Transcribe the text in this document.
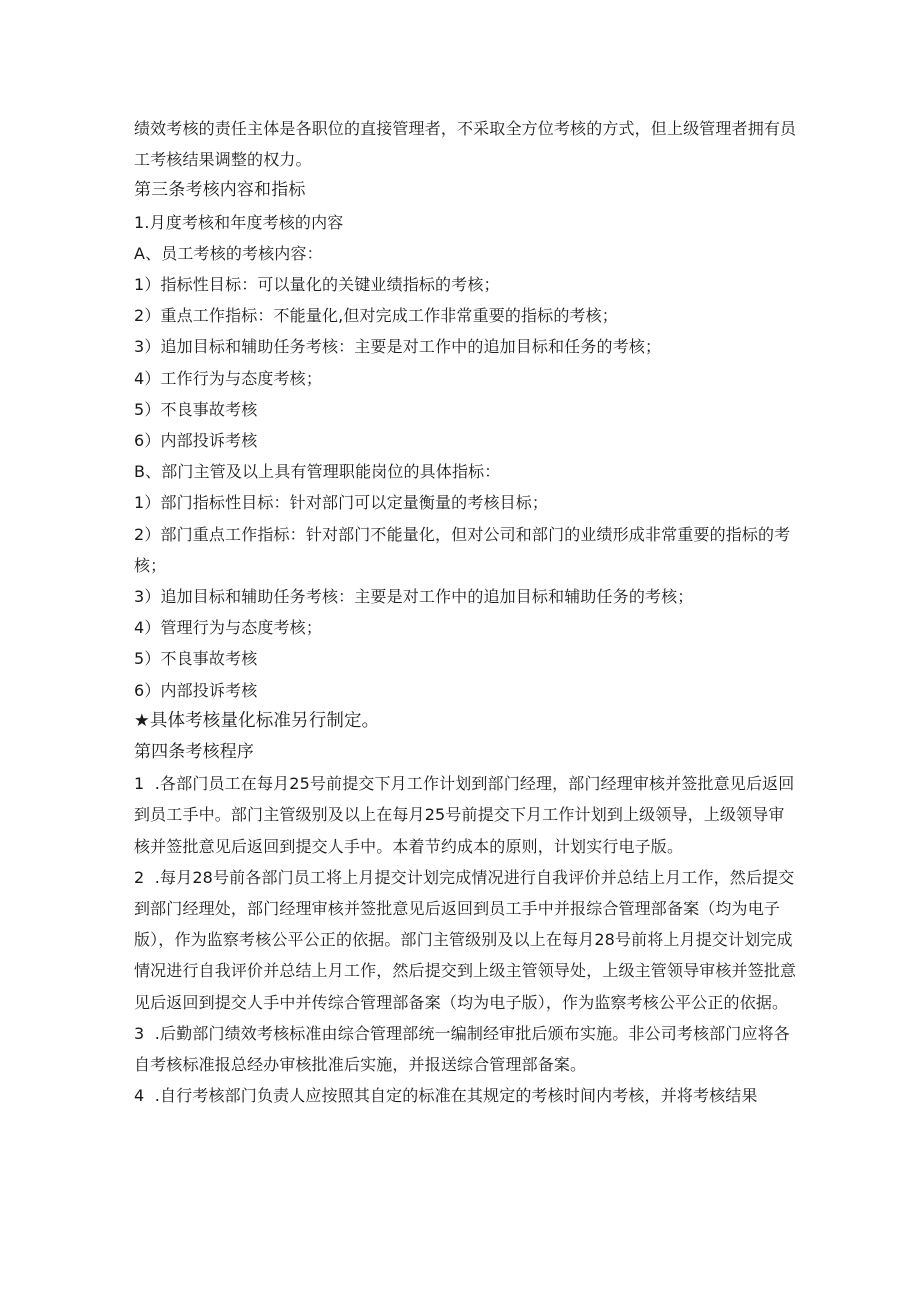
绩效考核的责任主体是各职位的直接管理者，不采取全方位考核的方式，但上级管理者拥有员工考核结果调整的权力。

第三条考核内容和指标

1.月度考核和年度考核的内容

A、员工考核的考核内容：

1）指标性目标：可以量化的关键业绩指标的考核；

2）重点工作指标：不能量化,但对完成工作非常重要的指标的考核；

3）追加目标和辅助任务考核：主要是对工作中的追加目标和任务的考核；

4）工作行为与态度考核；

5）不良事故考核

6）内部投诉考核

B、部门主管及以上具有管理职能岗位的具体指标：

1）部门指标性目标：针对部门可以定量衡量的考核目标；

2）部门重点工作指标：针对部门不能量化，但对公司和部门的业绩形成非常重要的指标的考核；

3）追加目标和辅助任务考核：主要是对工作中的追加目标和辅助任务的考核；

4）管理行为与态度考核；

5）不良事故考核

6）内部投诉考核

★具体考核量化标准另行制定。

第四条考核程序

1  .各部门员工在每月25号前提交下月工作计划到部门经理，部门经理审核并签批意见后返回到员工手中。部门主管级别及以上在每月25号前提交下月工作计划到上级领导，上级领导审核并签批意见后返回到提交人手中。本着节约成本的原则，计划实行电子版。

2  .每月28号前各部门员工将上月提交计划完成情况进行自我评价并总结上月工作，然后提交到部门经理处，部门经理审核并签批意见后返回到员工手中并报综合管理部备案（均为电子版），作为监察考核公平公正的依据。部门主管级别及以上在每月28号前将上月提交计划完成情况进行自我评价并总结上月工作，然后提交到上级主管领导处，上级主管领导审核并签批意见后返回到提交人手中并传综合管理部备案（均为电子版），作为监察考核公平公正的依据。

3  .后勤部门绩效考核标准由综合管理部统一编制经审批后颁布实施。非公司考核部门应将各自考核标准报总经办审核批准后实施，并报送综合管理部备案。

4  .自行考核部门负责人应按照其自定的标准在其规定的考核时间内考核，并将考核结果
